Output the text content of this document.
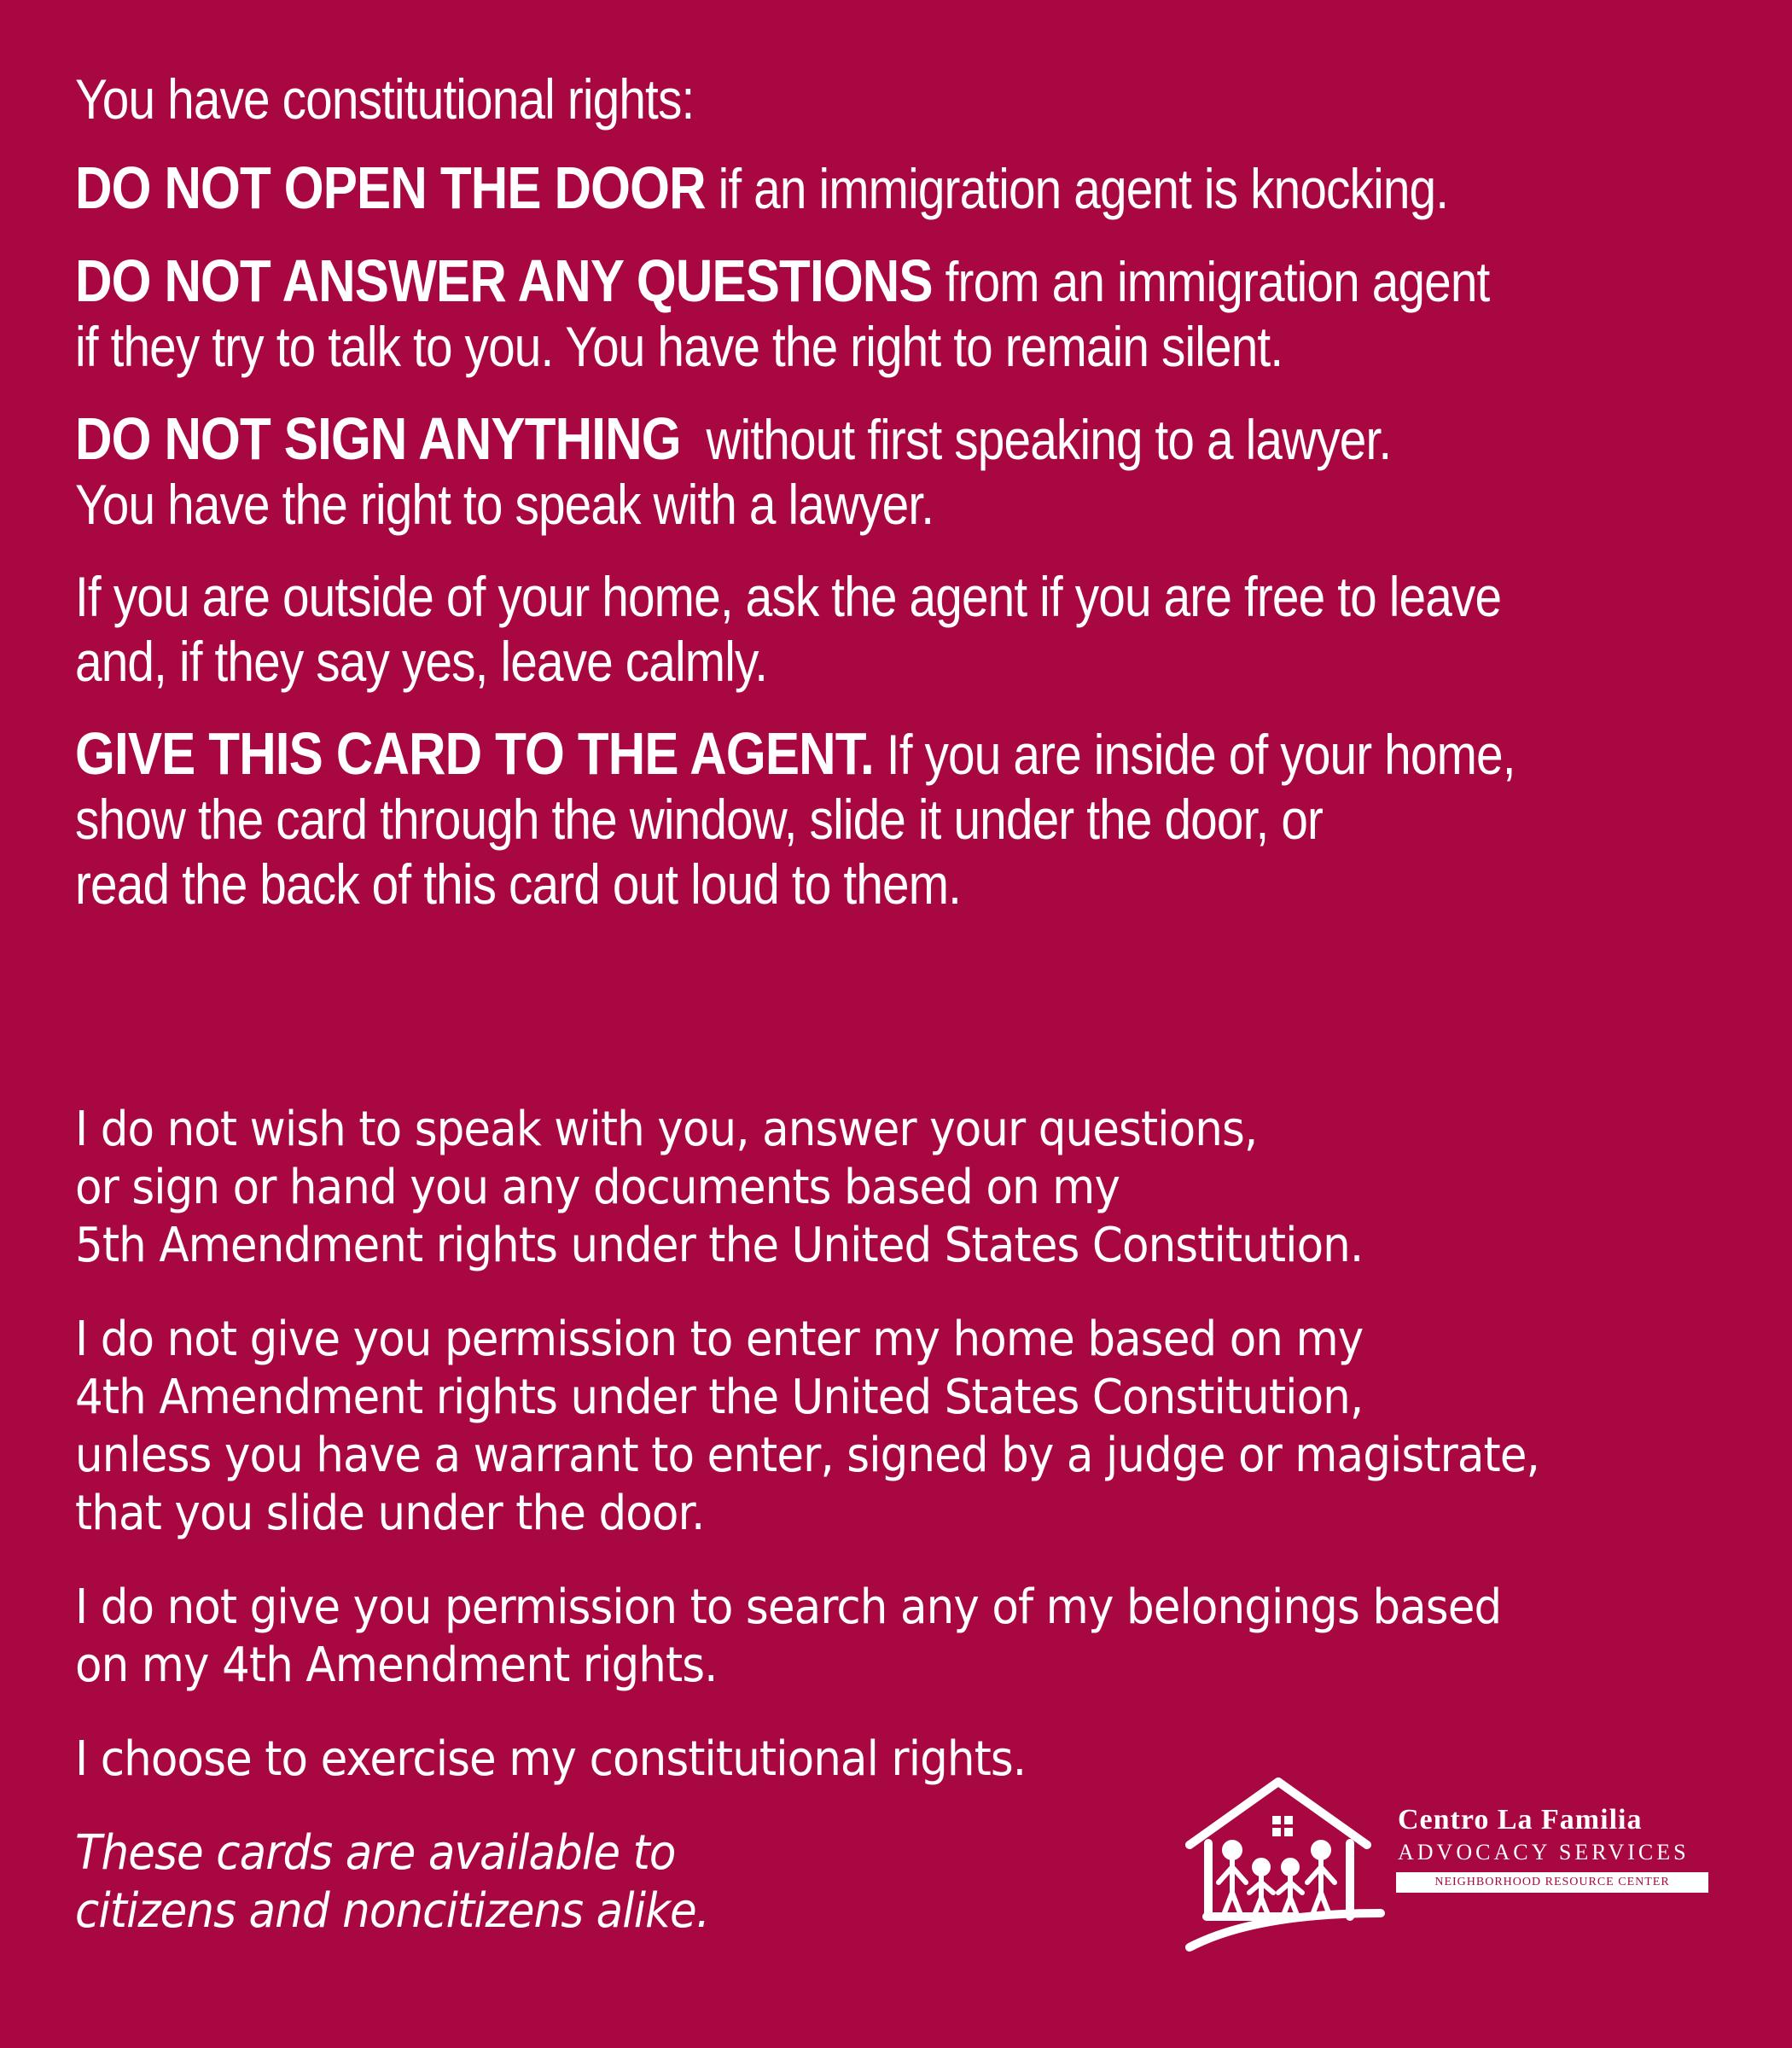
You have constitutional rights:
DO NOT OPEN THE DOOR if an immigration agent is knocking.
DO NOT ANSWER ANY QUESTIONS from an immigration agent
if they try to talk to you. You have the right to remain silent.
DO NOT SIGN ANYTHING without first speaking to a lawyer.
You have the right to speak with a lawyer.
If you are outside of your home, ask the agent if you are free to leave
and, if they say yes, leave calmly.
GIVE THIS CARD TO THE AGENT. If you are inside of your home,
show the card through the window, slide it under the door, or
read the back of this card out loud to them.
I do not wish to speak with you, answer your questions,
or sign or hand you any documents based on my
5th Amendment rights under the United States Constitution.
I do not give you permission to enter my home based on my
4th Amendment rights under the United States Constitution,
unless you have a warrant to enter, signed by a judge or magistrate,
that you slide under the door.
I do not give you permission to search any of my belongings based
on my 4th Amendment rights.
I choose to exercise my constitutional rights.
These cards are available to
citizens and noncitizens alike.
Centro La Familia
ADVOCACY SERVICES
NEIGHBORHOOD RESOURCE CENTER
